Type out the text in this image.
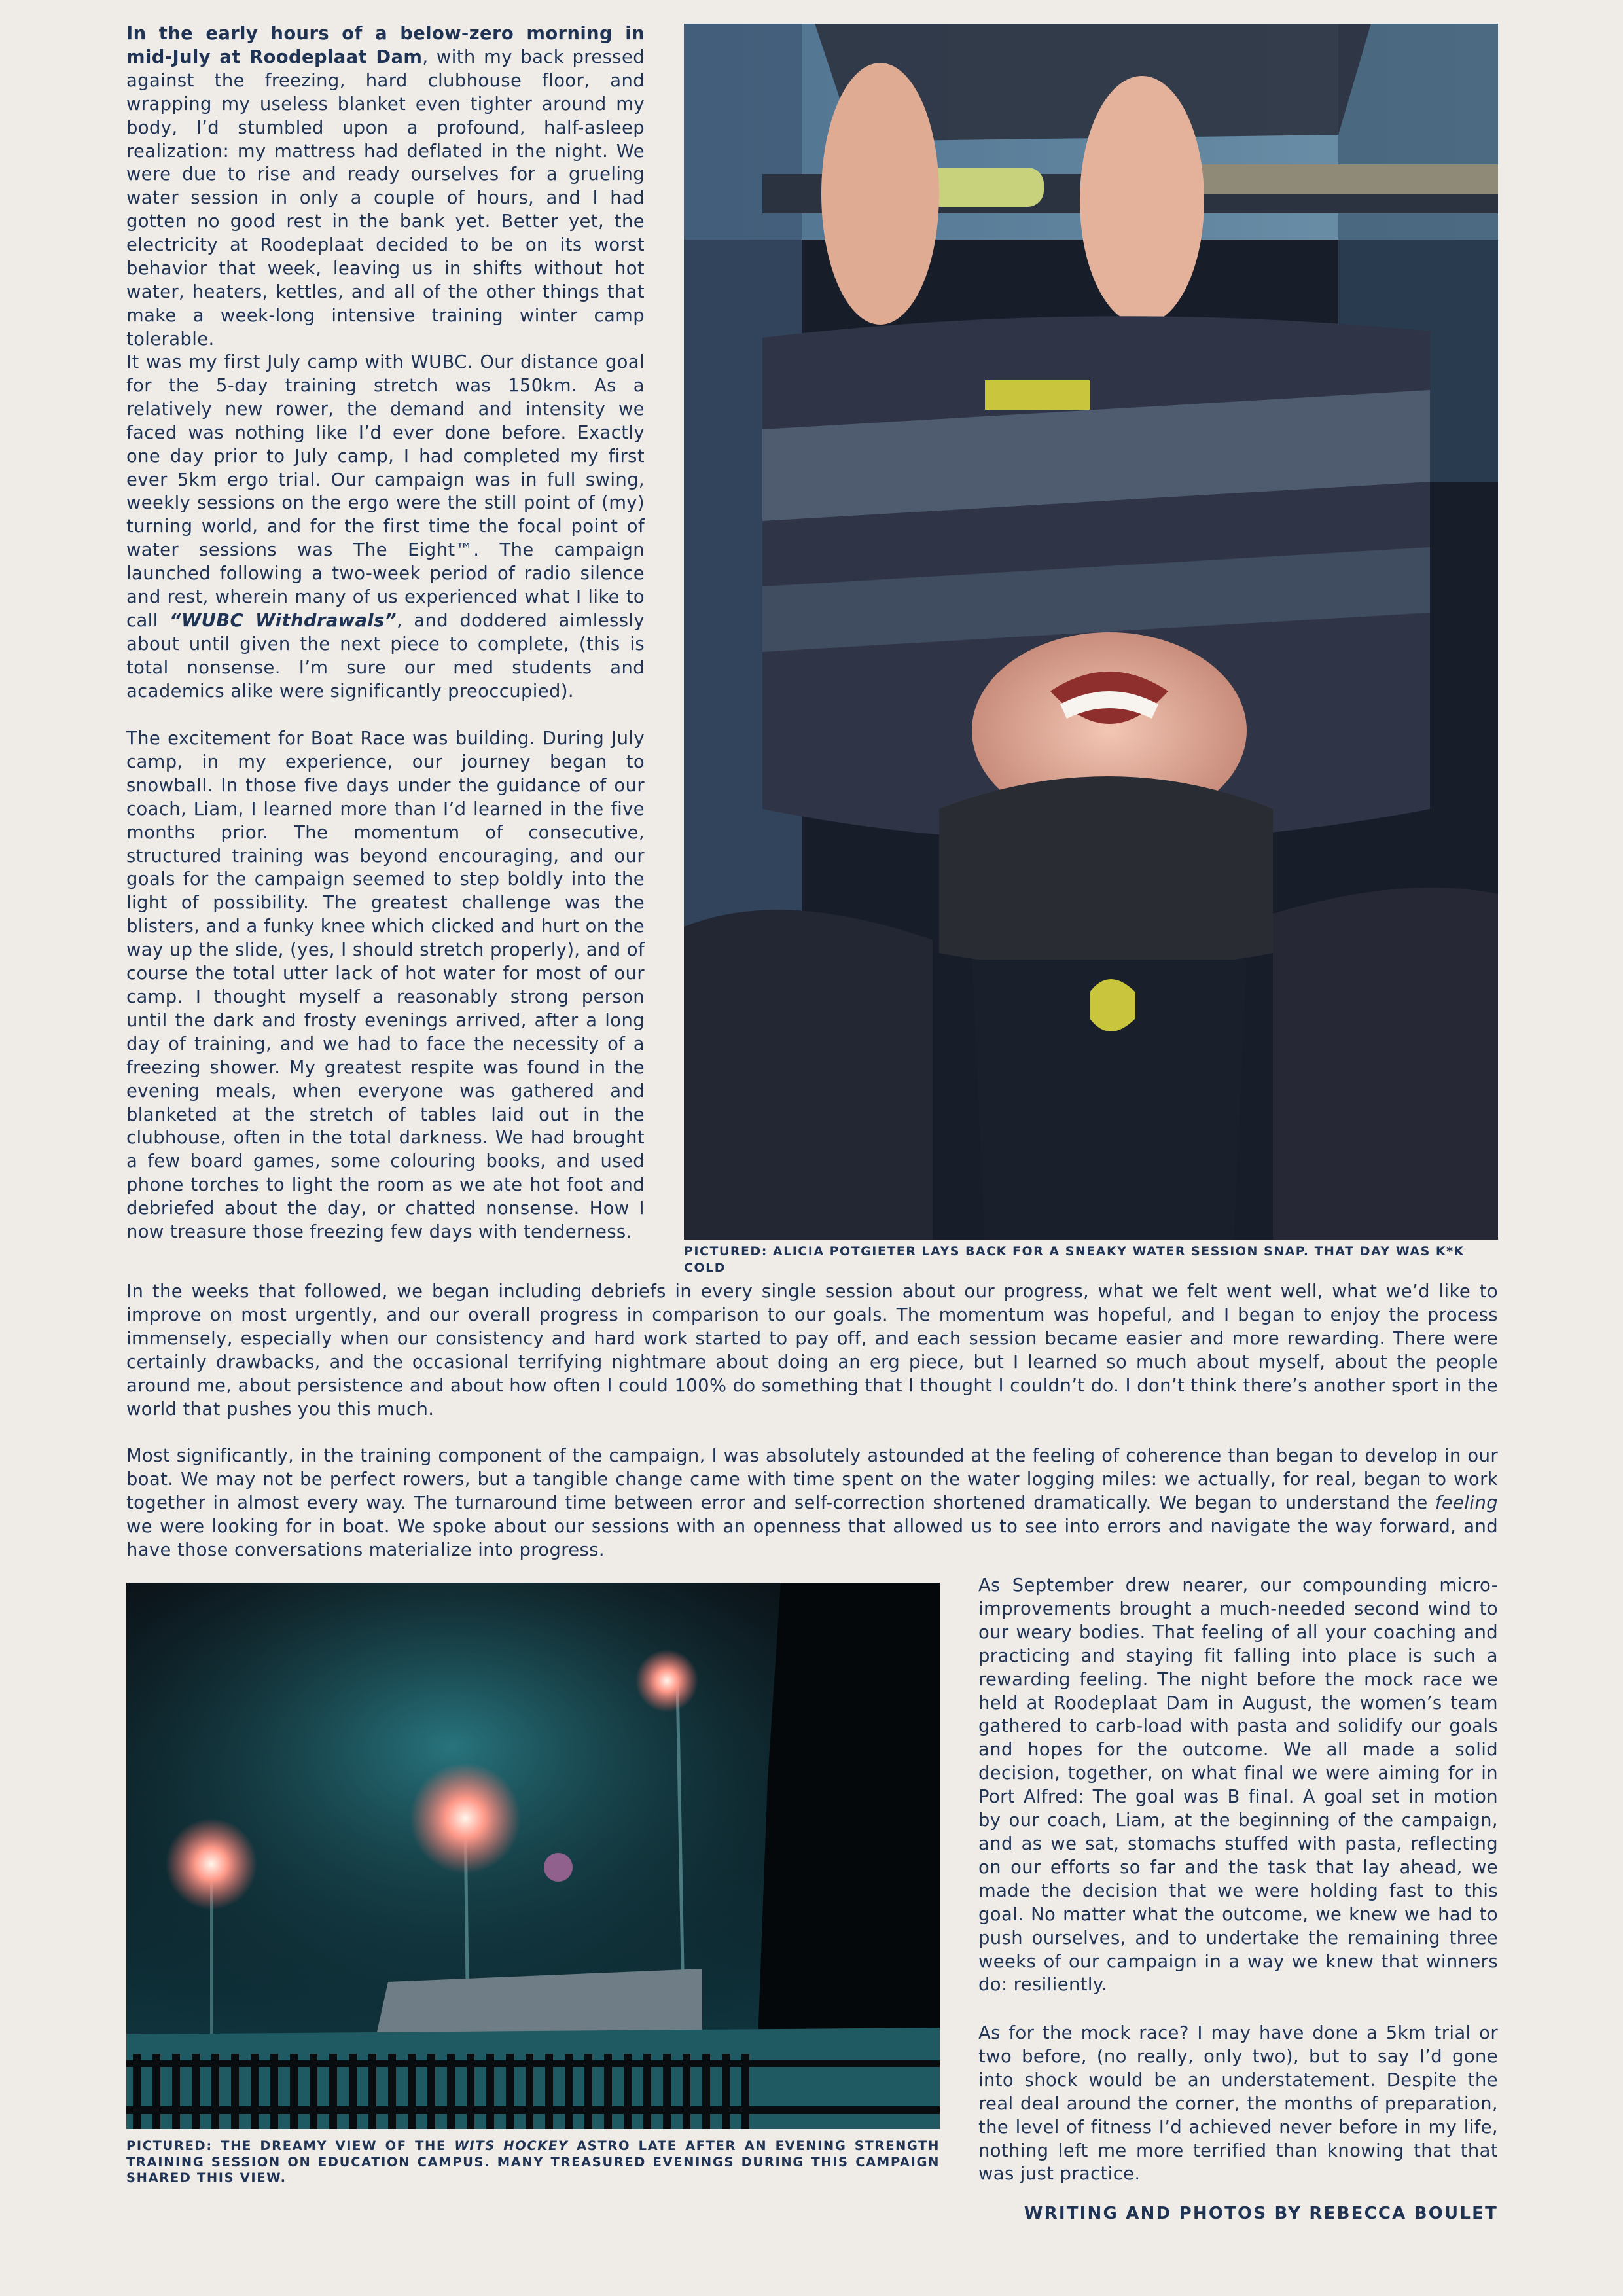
In the early hours of a below-zero morning in mid-July at Roodeplaat Dam, with my back pressed against the freezing, hard clubhouse floor, and wrapping my useless blanket even tighter around my body, I’d stumbled upon a profound, half-asleep realization: my mattress had deflated in the night. We were due to rise and ready ourselves for a grueling water session in only a couple of hours, and I had gotten no good rest in the bank yet. Better yet, the electricity at Roodeplaat decided to be on its worst behavior that week, leaving us in shifts without hot water, heaters, kettles, and all of the other things that make a week-long intensive training winter camp tolerable.

It was my first July camp with WUBC. Our distance goal for the 5-day training stretch was 150km. As a relatively new rower, the demand and intensity we faced was nothing like I’d ever done before. Exactly one day prior to July camp, I had completed my first ever 5km ergo trial. Our campaign was in full swing, weekly sessions on the ergo were the still point of (my) turning world, and for the first time the focal point of water sessions was The Eight™. The campaign launched following a two-week period of radio silence and rest, wherein many of us experienced what I like to call “WUBC Withdrawals”, and doddered aimlessly about until given the next piece to complete, (this is total nonsense. I’m sure our med students and academics alike were significantly preoccupied).

The excitement for Boat Race was building. During July camp, in my experience, our journey began to snowball. In those five days under the guidance of our coach, Liam, I learned more than I’d learned in the five months prior. The momentum of consecutive, structured training was beyond encouraging, and our goals for the campaign seemed to step boldly into the light of possibility. The greatest challenge was the blisters, and a funky knee which clicked and hurt on the way up the slide, (yes, I should stretch properly), and of course the total utter lack of hot water for most of our camp. I thought myself a reasonably strong person until the dark and frosty evenings arrived, after a long day of training, and we had to face the necessity of a freezing shower. My greatest respite was found in the evening meals, when everyone was gathered and blanketed at the stretch of tables laid out in the clubhouse, often in the total darkness. We had brought a few board games, some colouring books, and used phone torches to light the room as we ate hot foot and debriefed about the day, or chatted nonsense. How I now treasure those freezing few days with tenderness.

PICTURED: ALICIA POTGIETER LAYS BACK FOR A SNEAKY WATER SESSION SNAP. THAT DAY WAS K*K COLD

In the weeks that followed, we began including debriefs in every single session about our progress, what we felt went well, what we’d like to improve on most urgently, and our overall progress in comparison to our goals. The momentum was hopeful, and I began to enjoy the process immensely, especially when our consistency and hard work started to pay off, and each session became easier and more rewarding. There were certainly drawbacks, and the occasional terrifying nightmare about doing an erg piece, but I learned so much about myself, about the people around me, about persistence and about how often I could 100% do something that I thought I couldn’t do. I don’t think there’s another sport in the world that pushes you this much.

Most significantly, in the training component of the campaign, I was absolutely astounded at the feeling of coherence than began to develop in our boat. We may not be perfect rowers, but a tangible change came with time spent on the water logging miles: we actually, for real, began to work together in almost every way. The turnaround time between error and self-correction shortened dramatically. We began to understand the feeling we were looking for in boat. We spoke about our sessions with an openness that allowed us to see into errors and navigate the way forward, and have those conversations materialize into progress.

PICTURED: THE DREAMY VIEW OF THE WITS HOCKEY ASTRO LATE AFTER AN EVENING STRENGTH TRAINING SESSION ON EDUCATION CAMPUS. MANY TREASURED EVENINGS DURING THIS CAMPAIGN SHARED THIS VIEW.

As September drew nearer, our compounding micro-improvements brought a much-needed second wind to our weary bodies. That feeling of all your coaching and practicing and staying fit falling into place is such a rewarding feeling. The night before the mock race we held at Roodeplaat Dam in August, the women’s team gathered to carb-load with pasta and solidify our goals and hopes for the outcome. We all made a solid decision, together, on what final we were aiming for in Port Alfred: The goal was B final. A goal set in motion by our coach, Liam, at the beginning of the campaign, and as we sat, stomachs stuffed with pasta, reflecting on our efforts so far and the task that lay ahead, we made the decision that we were holding fast to this goal. No matter what the outcome, we knew we had to push ourselves, and to undertake the remaining three weeks of our campaign in a way we knew that winners do: resiliently.

As for the mock race? I may have done a 5km trial or two before, (no really, only two), but to say I’d gone into shock would be an understatement. Despite the real deal around the corner, the months of preparation, the level of fitness I’d achieved never before in my life, nothing left me more terrified than knowing that that was just practice.

WRITING AND PHOTOS BY REBECCA BOULET
